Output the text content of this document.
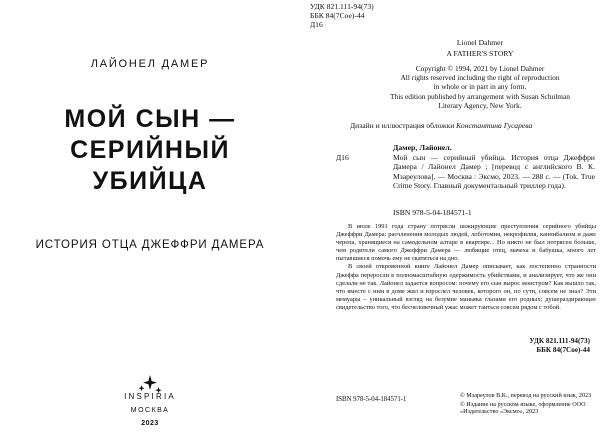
ЛАЙОНЕЛ ДАМЕР
МОЙ СЫН —
СЕРИЙНЫЙ
УБИЙЦА
ИСТОРИЯ ОТЦА ДЖЕФФРИ ДАМЕРА
INSPIRIA
МОСКВА
2023
УДК 821.111-94(73)
ББК 84(7Сое)-44
Д16
Lionel Dahmer
A FATHER'S STORY
Copyright © 1994, 2021 by Lionel Dahmer
All rights reserved including the right of reproduction
in whole or in part in any form.
This edition published by arrangement with Susan Schulman
Literary Agency, New York.
Дизайн и иллюстрация обложки Константина Гусарева
Дамер, Лайонел.
Д16	Мой сын — серийный убийца. История отца Джеффри Дамера / Лайонел Дамер ; [перевод с английского В. К. Мзареулова]. — Москва : Эксмо, 2023. — 288 с. — (Tok. True Crime Story. Главный документальный триллер года).
ISBN 978-5-04-184571-1

В июле 1991 года страну потрясли шокирующие преступления серийного убийцы Джеффри Дамера: расчленения молодых людей, лоботомия, некрофилия, каннибализм и даже черепа, хранящиеся на самодельном алтаре в квартире... Но никто не был потрясен больше, чем родители самого Джеффри Дамера — любящие отец, мачеха и бабушка, много лет пытавшиеся помочь ему не скатиться на дно.

В своей откровенной книге Лайонел Дамер описывает, как постепенно странности Джеффа переросли в полномасштабную одержимость убийствами, и анализирует, что же они сделали не так. Лайонел задается вопросом: почему его сын вырос монстром? Как вышло так, что вместе с ним в доме жил и взрослел человек, которого он, по сути, совсем не знал? Эти мемуары – уникальный взгляд на безумие маньяка глазами его родных; душераздирающее свидетельство того, что бесчеловечный ужас может таиться совсем рядом с тобой.

УДК 821.111-94(73)
ББК 84(7Сое)-44
ISBN 978-5-04-184571-1
© Мзареулов В.К., перевод на русский язык, 2023
© Издание на русском языке, оформление ООО «Издательство «Эксмо», 2023
